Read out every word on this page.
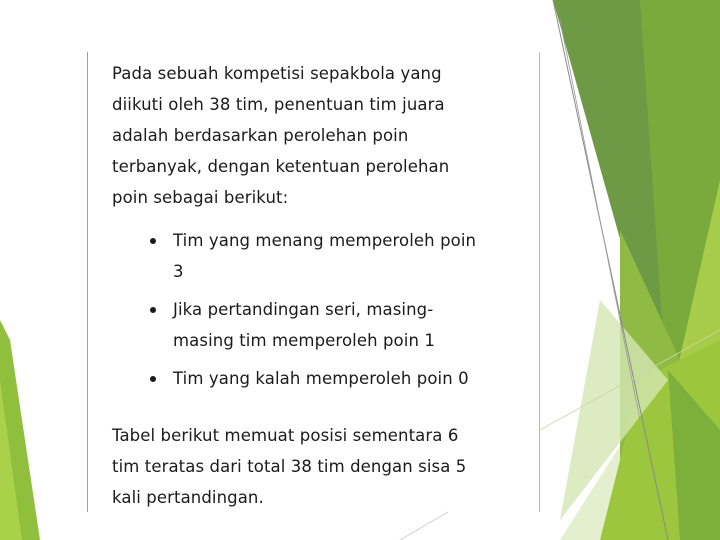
Pada sebuah kompetisi sepakbola yang
diikuti oleh 38 tim, penentuan tim juara
adalah berdasarkan perolehan poin
terbanyak, dengan ketentuan perolehan
poin sebagai berikut:
Tim yang menang memperoleh poin
3
Jika pertandingan seri, masing-
masing tim memperoleh poin 1
Tim yang kalah memperoleh poin 0
Tabel berikut memuat posisi sementara 6
tim teratas dari total 38 tim dengan sisa 5
kali pertandingan.
